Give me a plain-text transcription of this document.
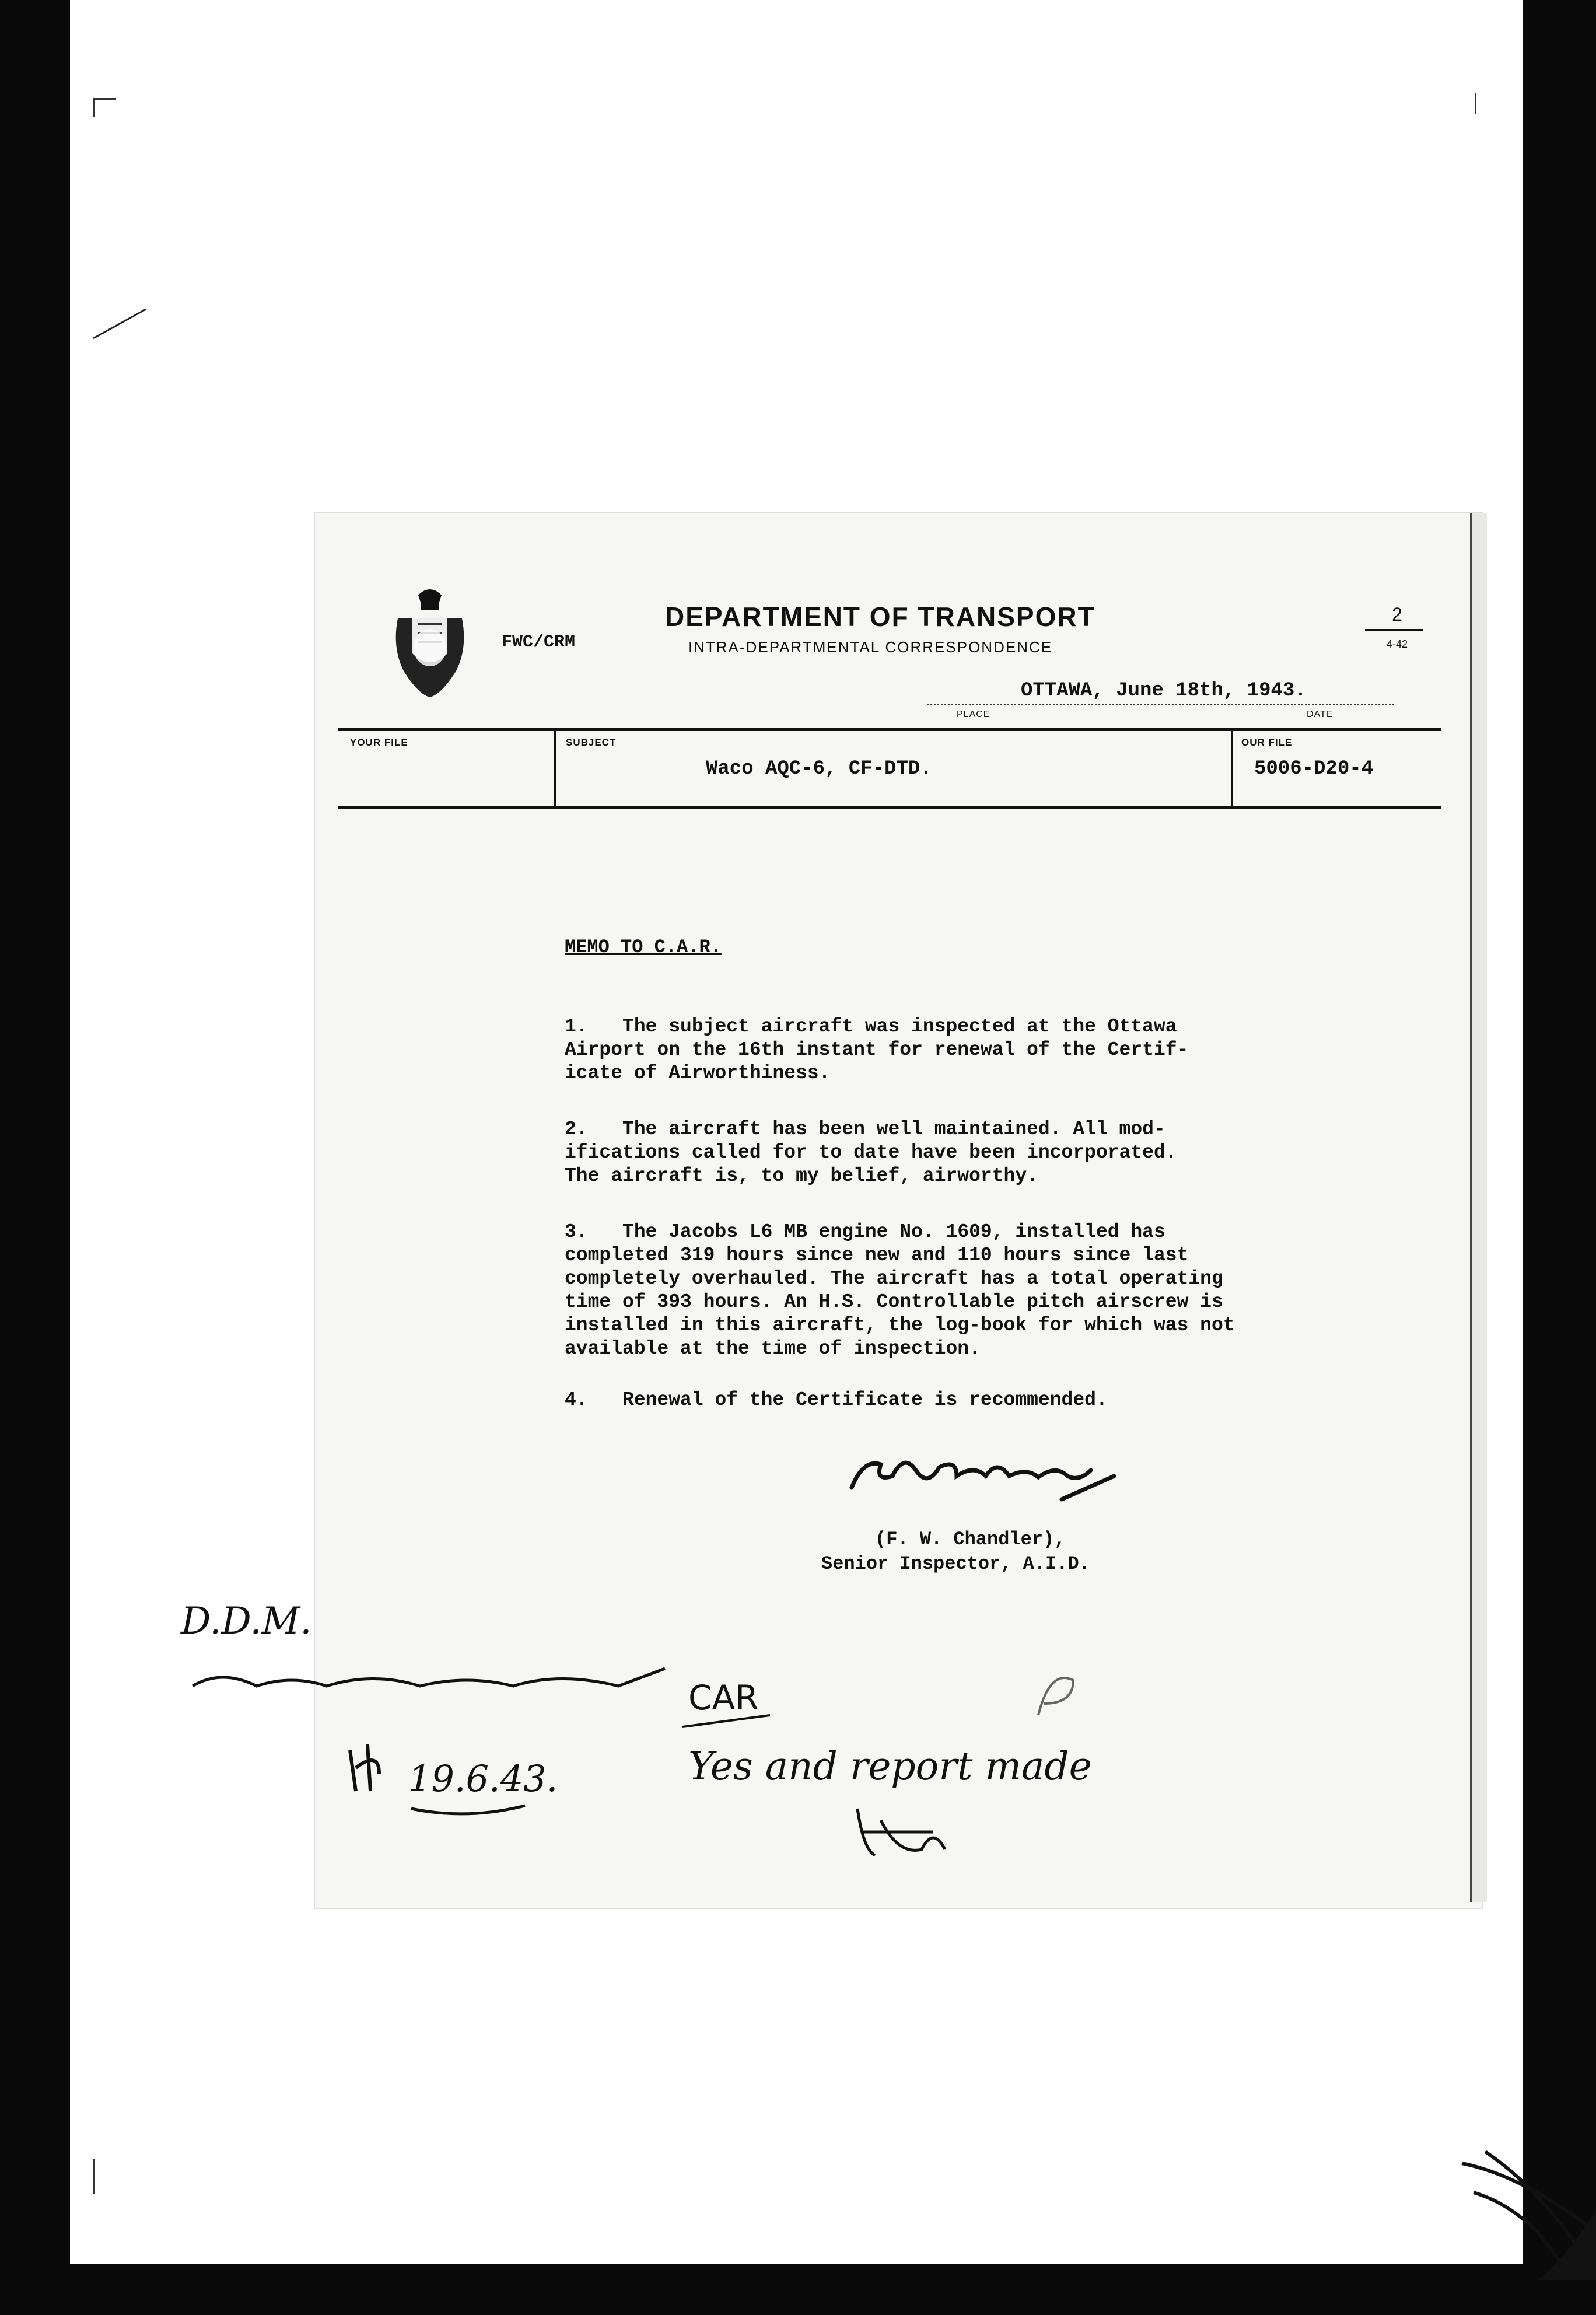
FWC/CRM
DEPARTMENT OF TRANSPORT
INTRA-DEPARTMENTAL CORRESPONDENCE
2
4-42
OTTAWA, June 18th, 1943.
PLACE	DATE
YOUR FILE	SUBJECT
Waco AQC-6, CF-DTD.
OUR FILE
5006-D20-4
MEMO TO C.A.R.
1.   The subject aircraft was inspected at the Ottawa
Airport on the 16th instant for renewal of the Certif-
icate of Airworthiness.
2.   The aircraft has been well maintained. All mod-
ifications called for to date have been incorporated.
The aircraft is, to my belief, airworthy.
3.   The Jacobs L6 MB engine No. 1609, installed has
completed 319 hours since new and 110 hours since last
completely overhauled. The aircraft has a total operating
time of 393 hours. An H.S. Controllable pitch airscrew is
installed in this aircraft, the log-book for which was not
available at the time of inspection.
4.   Renewal of the Certificate is recommended.
(F. W. Chandler),
Senior Inspector, A.I.D.
D.D.M.
19.6.43.
CAR
Yes and report made
